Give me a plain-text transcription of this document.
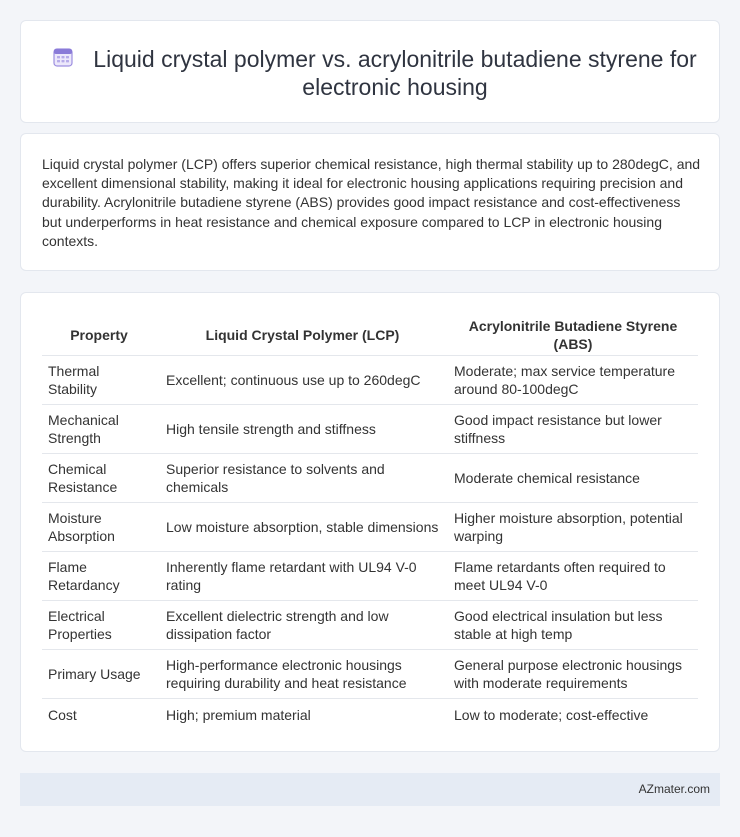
Liquid crystal polymer vs. acrylonitrile butadiene styrene for electronic housing

Liquid crystal polymer (LCP) offers superior chemical resistance, high thermal stability up to 280degC, and excellent dimensional stability, making it ideal for electronic housing applications requiring precision and durability. Acrylonitrile butadiene styrene (ABS) provides good impact resistance and cost-effectiveness but underperforms in heat resistance and chemical exposure compared to LCP in electronic housing contexts.

Property	Liquid Crystal Polymer (LCP)	Acrylonitrile Butadiene Styrene (ABS)
Thermal Stability	Excellent; continuous use up to 260degC	Moderate; max service temperature around 80-100degC
Mechanical Strength	High tensile strength and stiffness	Good impact resistance but lower stiffness
Chemical Resistance	Superior resistance to solvents and chemicals	Moderate chemical resistance
Moisture Absorption	Low moisture absorption, stable dimensions	Higher moisture absorption, potential warping
Flame Retardancy	Inherently flame retardant with UL94 V-0 rating	Flame retardants often required to meet UL94 V-0
Electrical Properties	Excellent dielectric strength and low dissipation factor	Good electrical insulation but less stable at high temp
Primary Usage	High-performance electronic housings requiring durability and heat resistance	General purpose electronic housings with moderate requirements
Cost	High; premium material	Low to moderate; cost-effective
AZmater.com
